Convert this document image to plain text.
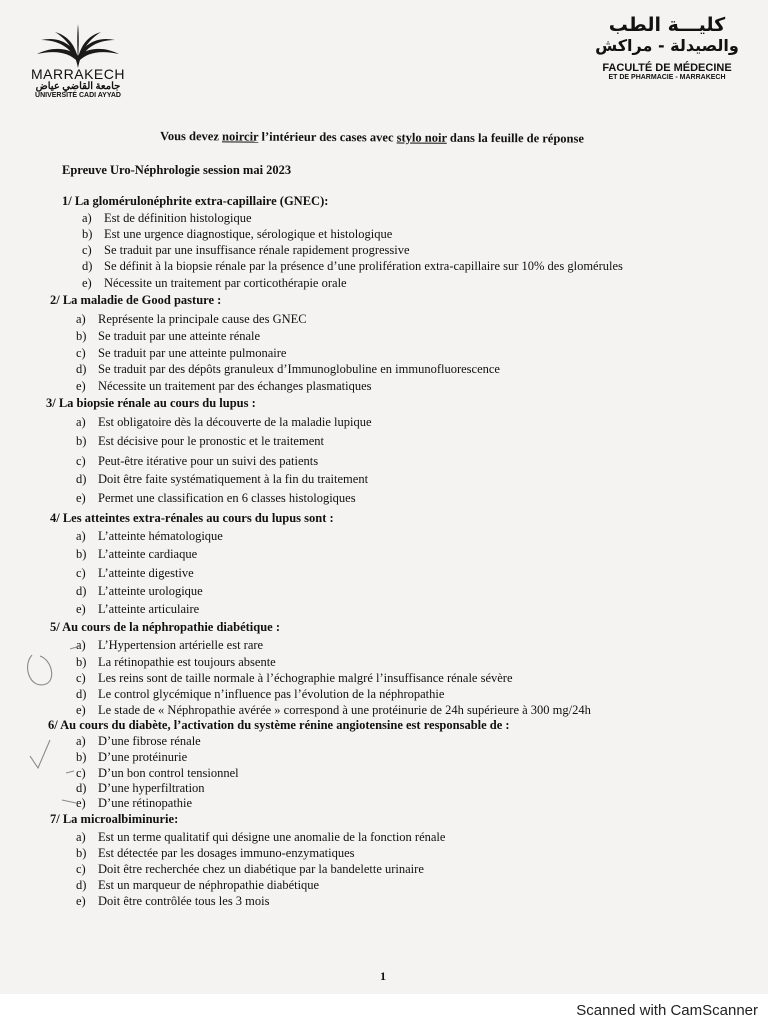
MARRAKECH
جامعة القاضي عياض
UNIVERSITÉ CADI AYYAD
كليـــة الطب
والصيدلة - مراكش
FACULTÉ DE MÉDECINE
ET DE PHARMACIE - MARRAKECH
Vous devez noircir l’intérieur des cases avec stylo noir dans la feuille de réponse
Epreuve Uro-Néphrologie session mai 2023
1/ La glomérulonéphrite extra-capillaire (GNEC):
a) Est de définition histologique
b) Est une urgence diagnostique, sérologique et histologique
c) Se traduit par une insuffisance rénale rapidement progressive
d) Se définit à la biopsie rénale par la présence d’une prolifération extra-capillaire sur 10% des glomérules
e) Nécessite un traitement par corticothérapie orale
2/ La maladie de Good pasture :
a) Représente la principale cause des GNEC
b) Se traduit par une atteinte rénale
c) Se traduit par une atteinte pulmonaire
d) Se traduit par des dépôts granuleux d’Immunoglobuline en immunofluorescence
e) Nécessite un traitement par des échanges plasmatiques
3/ La biopsie rénale au cours du lupus :
a) Est obligatoire dès la découverte de la maladie lupique
b) Est décisive pour le pronostic et le traitement
c) Peut-être itérative pour un suivi des patients
d) Doit être faite systématiquement à la fin du traitement
e) Permet une classification en 6 classes histologiques
4/ Les atteintes extra-rénales au cours du lupus sont :
a) L’atteinte hématologique
b) L’atteinte cardiaque
c) L’atteinte digestive
d) L’atteinte urologique
e) L’atteinte articulaire
5/ Au cours de la néphropathie diabétique :
a) L’Hypertension artérielle est rare
b) La rétinopathie est toujours absente
c) Les reins sont de taille normale à l’échographie malgré l’insuffisance rénale sévère
d) Le control glycémique n’influence pas l’évolution de la néphropathie
e) Le stade de « Néphropathie avérée » correspond à une protéinurie de 24h supérieure à 300 mg/24h
6/ Au cours du diabète, l’activation du système rénine angiotensine est responsable de :
a) D’une fibrose rénale
b) D’une protéinurie
c) D’un bon control tensionnel
d) D’une hyperfiltration
e) D’une rétinopathie
7/ La microalbiminurie:
a) Est un terme qualitatif qui désigne une anomalie de la fonction rénale
b) Est détectée par les dosages immuno-enzymatiques
c) Doit être recherchée chez un diabétique par la bandelette urinaire
d) Est un marqueur de néphropathie diabétique
e) Doit être contrôlée tous les 3 mois
1
Scanned with CamScanner
